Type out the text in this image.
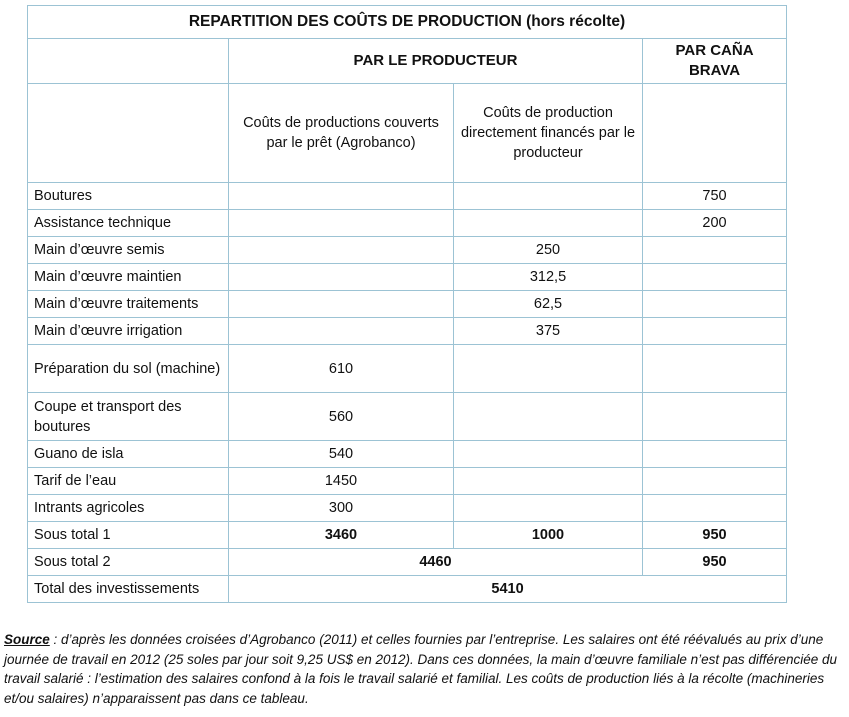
REPARTITION DES COÛTS DE PRODUCTION (hors récolte)			
	PAR LE PRODUCTEUR		PAR CAÑA BRAVA
	Coûts de productions couverts par le prêt (Agrobanco)	Coûts de production directement financés par le producteur	
Boutures			750
Assistance technique			200
Main d’œuvre semis		250	
Main d’œuvre maintien		312,5	
Main d’œuvre traitements		62,5	
Main d’œuvre irrigation		375	
Préparation du sol (machine)	610		
Coupe et transport des boutures	560		
Guano de isla	540		
Tarif de l’eau	1450		
Intrants agricoles	300		
Sous total 1	3460	1000	950
Sous total 2	4460		950
Total des investissements	5410		
Source : d’après les données croisées d’Agrobanco (2011) et celles fournies par l’entreprise. Les salaires ont été réévalués au prix d’une journée de travail en 2012 (25 soles par jour soit 9,25 US$ en 2012). Dans ces données, la main d’œuvre familiale n’est pas différenciée du travail salarié : l’estimation des salaires confond à la fois le travail salarié et familial. Les coûts de production liés à la récolte (machineries et/ou salaires) n’apparaissent pas dans ce tableau.
